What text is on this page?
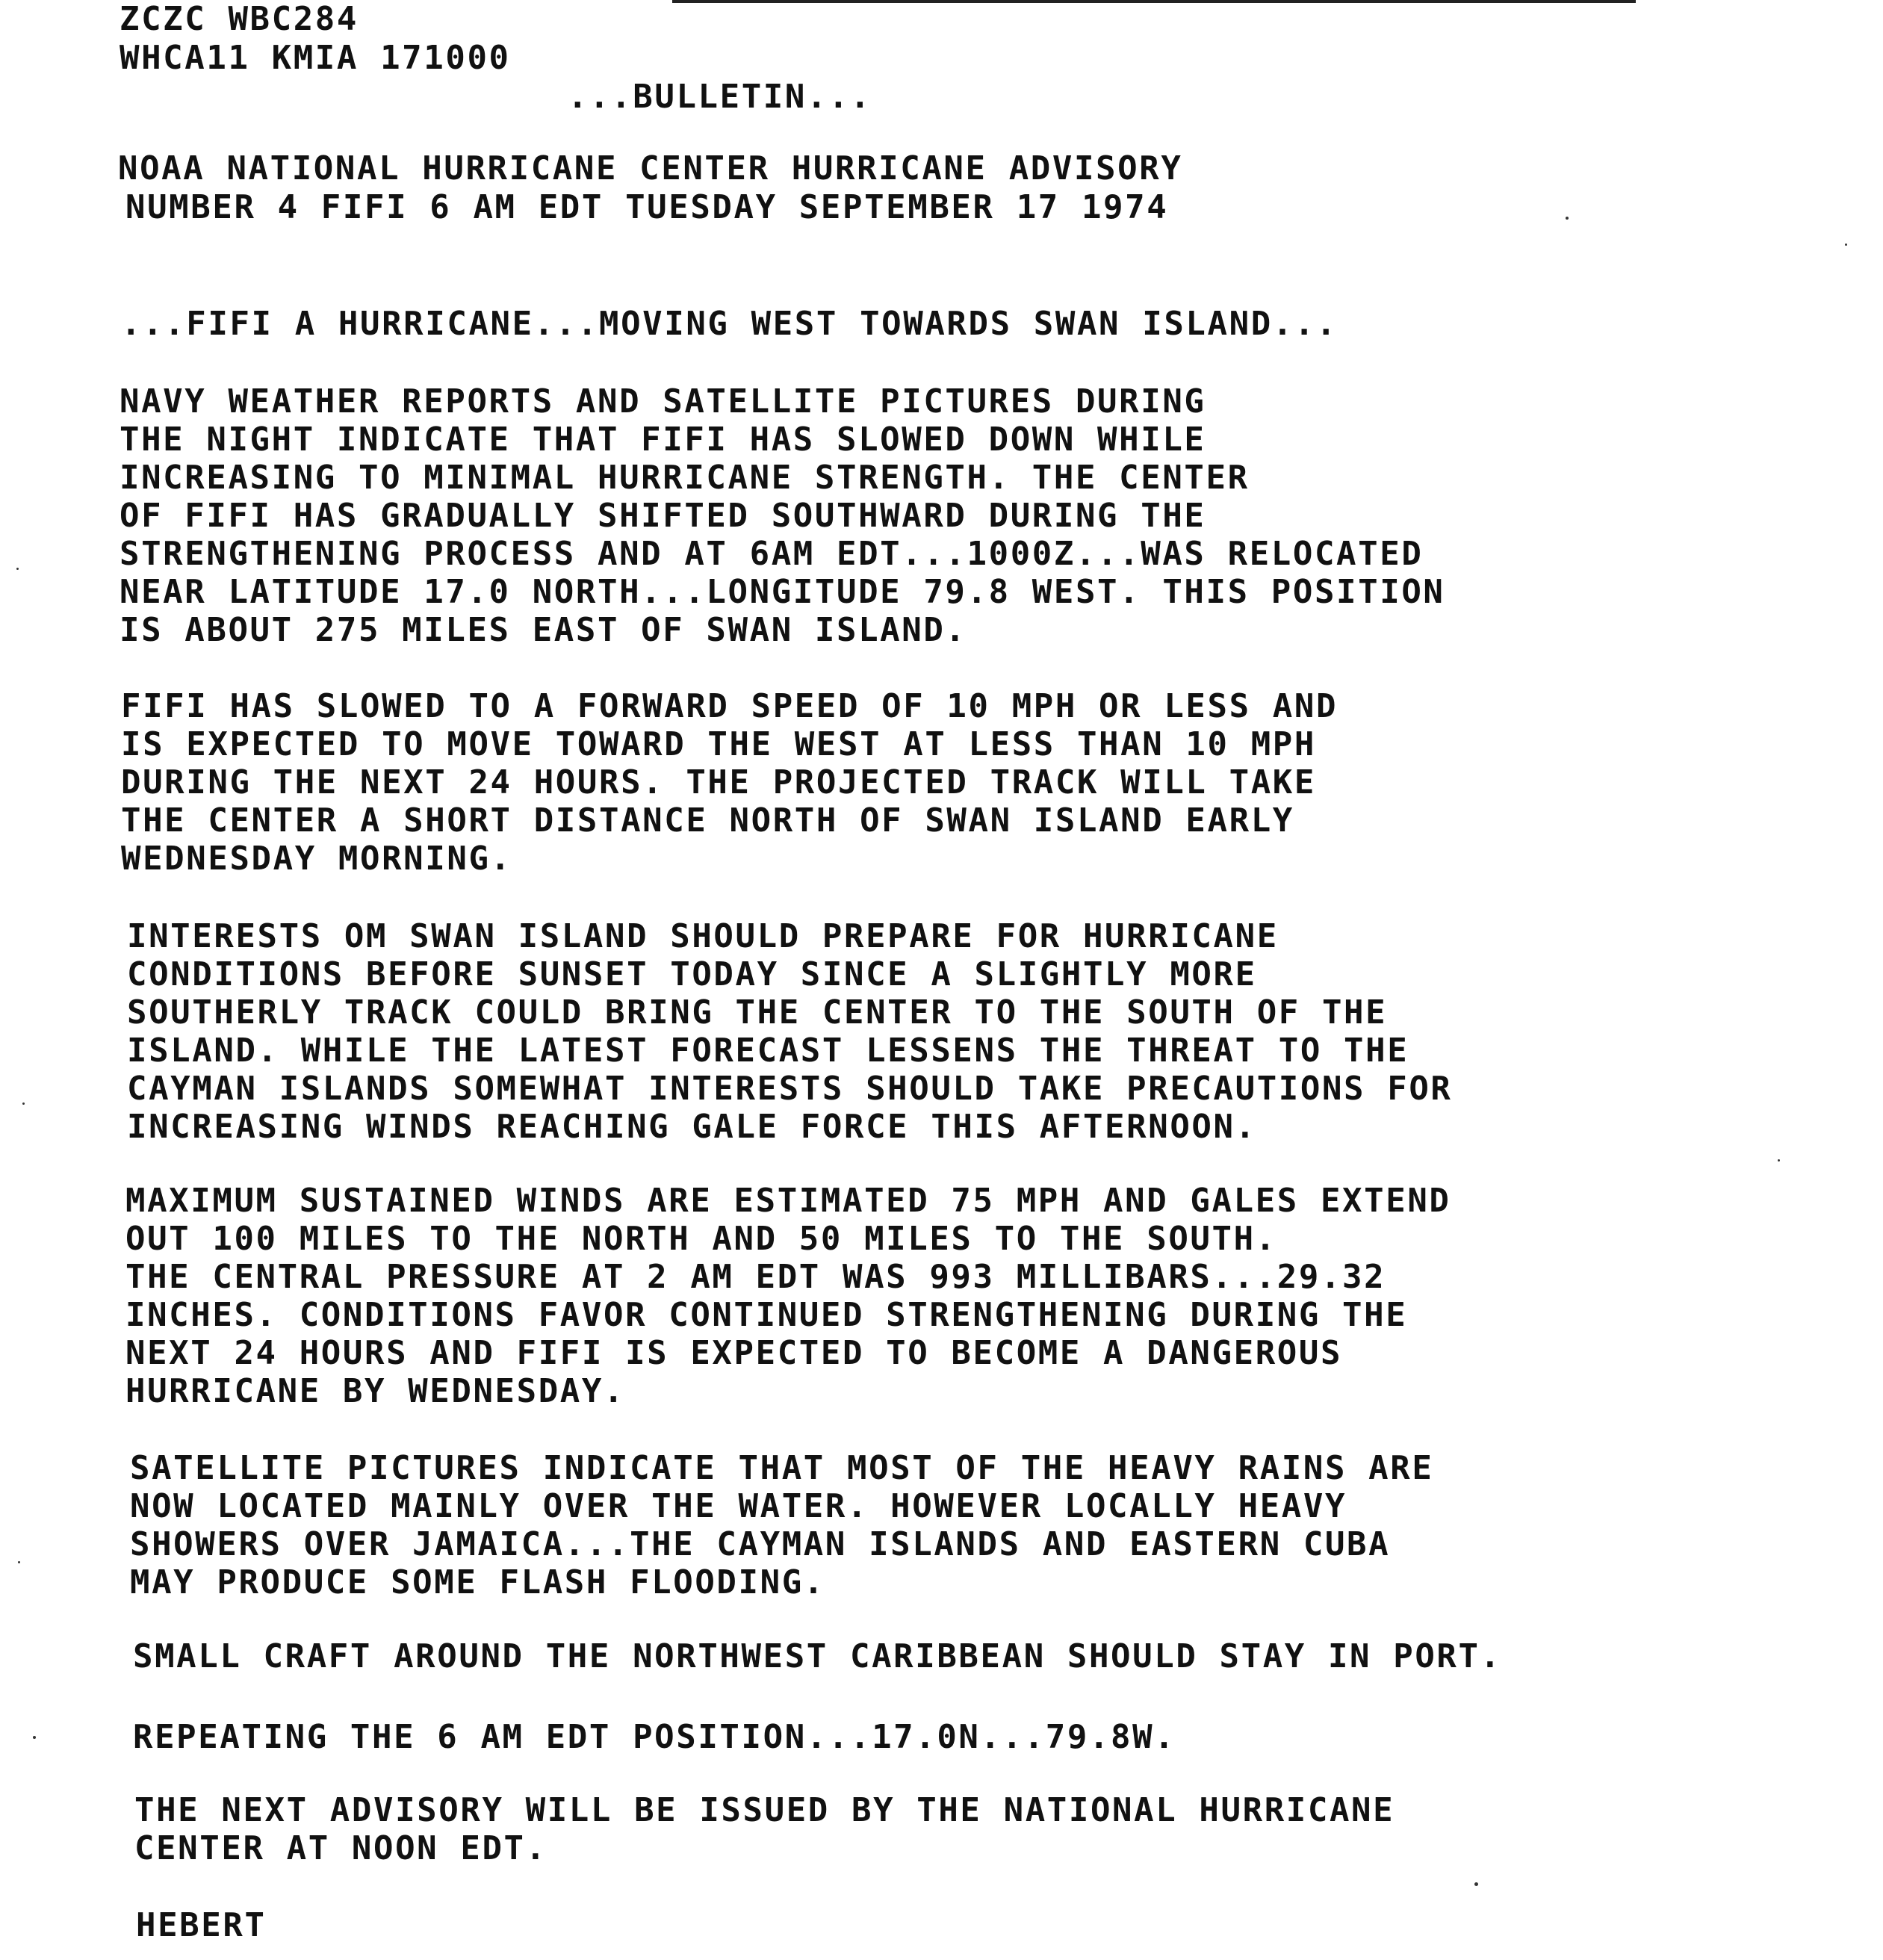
ZCZC WBC284
WHCA11 KMIA 171000
...BULLETIN...
NOAA NATIONAL HURRICANE CENTER HURRICANE ADVISORY
NUMBER 4 FIFI 6 AM EDT TUESDAY SEPTEMBER 17 1974
...FIFI A HURRICANE...MOVING WEST TOWARDS SWAN ISLAND...

NAVY WEATHER REPORTS AND SATELLITE PICTURES DURING
THE NIGHT INDICATE THAT FIFI HAS SLOWED DOWN WHILE
INCREASING TO MINIMAL HURRICANE STRENGTH. THE CENTER
OF FIFI HAS GRADUALLY SHIFTED SOUTHWARD DURING THE
STRENGTHENING PROCESS AND AT 6AM EDT...1000Z...WAS RELOCATED
NEAR LATITUDE 17.0 NORTH...LONGITUDE 79.8 WEST. THIS POSITION
IS ABOUT 275 MILES EAST OF SWAN ISLAND.

FIFI HAS SLOWED TO A FORWARD SPEED OF 10 MPH OR LESS AND
IS EXPECTED TO MOVE TOWARD THE WEST AT LESS THAN 10 MPH
DURING THE NEXT 24 HOURS. THE PROJECTED TRACK WILL TAKE
THE CENTER A SHORT DISTANCE NORTH OF SWAN ISLAND EARLY
WEDNESDAY MORNING.

INTERESTS OM SWAN ISLAND SHOULD PREPARE FOR HURRICANE
CONDITIONS BEFORE SUNSET TODAY SINCE A SLIGHTLY MORE
SOUTHERLY TRACK COULD BRING THE CENTER TO THE SOUTH OF THE
ISLAND. WHILE THE LATEST FORECAST LESSENS THE THREAT TO THE
CAYMAN ISLANDS SOMEWHAT INTERESTS SHOULD TAKE PRECAUTIONS FOR
INCREASING WINDS REACHING GALE FORCE THIS AFTERNOON.

MAXIMUM SUSTAINED WINDS ARE ESTIMATED 75 MPH AND GALES EXTEND
OUT 100 MILES TO THE NORTH AND 50 MILES TO THE SOUTH.
THE CENTRAL PRESSURE AT 2 AM EDT WAS 993 MILLIBARS...29.32
INCHES. CONDITIONS FAVOR CONTINUED STRENGTHENING DURING THE
NEXT 24 HOURS AND FIFI IS EXPECTED TO BECOME A DANGEROUS
HURRICANE BY WEDNESDAY.

SATELLITE PICTURES INDICATE THAT MOST OF THE HEAVY RAINS ARE
NOW LOCATED MAINLY OVER THE WATER. HOWEVER LOCALLY HEAVY
SHOWERS OVER JAMAICA...THE CAYMAN ISLANDS AND EASTERN CUBA
MAY PRODUCE SOME FLASH FLOODING.

SMALL CRAFT AROUND THE NORTHWEST CARIBBEAN SHOULD STAY IN PORT.

REPEATING THE 6 AM EDT POSITION...17.0N...79.8W.

THE NEXT ADVISORY WILL BE ISSUED BY THE NATIONAL HURRICANE
CENTER AT NOON EDT.

HEBERT
